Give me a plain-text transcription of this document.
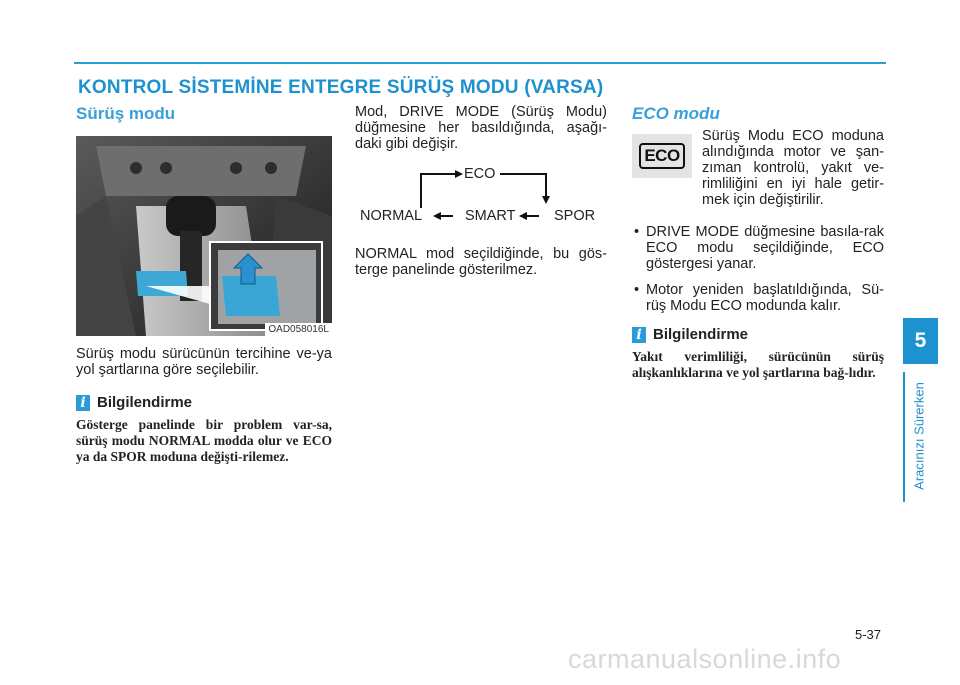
KONTROL SİSTEMİNE ENTEGRE SÜRÜŞ MODU (VARSA)
Sürüş modu
OAD058016L
Sürüş modu sürücünün tercihine ve-ya yol şartlarına göre seçilebilir.
i Bilgilendirme
Gösterge panelinde bir problem var-sa, sürüş modu NORMAL modda olur ve ECO ya da SPOR moduna değişti-rilemez.
Mod, DRIVE MODE (Sürüş Modu) düğmesine her basıldığında, aşağı-daki gibi değişir.
ECO
NORMAL	SMART	SPOR
NORMAL mod seçildiğinde, bu gös-terge panelinde gösterilmez.
ECO modu
ECO
Sürüş Modu ECO moduna alındığında motor ve şan-zıman kontrolü, yakıt ve-rimliliğini en iyi hale getir-mek için değiştirilir.
• DRIVE MODE düğmesine basıla-rak ECO modu seçildiğinde, ECO göstergesi yanar.
• Motor yeniden başlatıldığında, Sü-rüş Modu ECO modunda kalır.
i Bilgilendirme
Yakıt verimliliği, sürücünün sürüş alışkanlıklarına ve yol şartlarına bağ-lıdır.
5
Aracınızı Sürerken
5-37
carmanualsonline.info
